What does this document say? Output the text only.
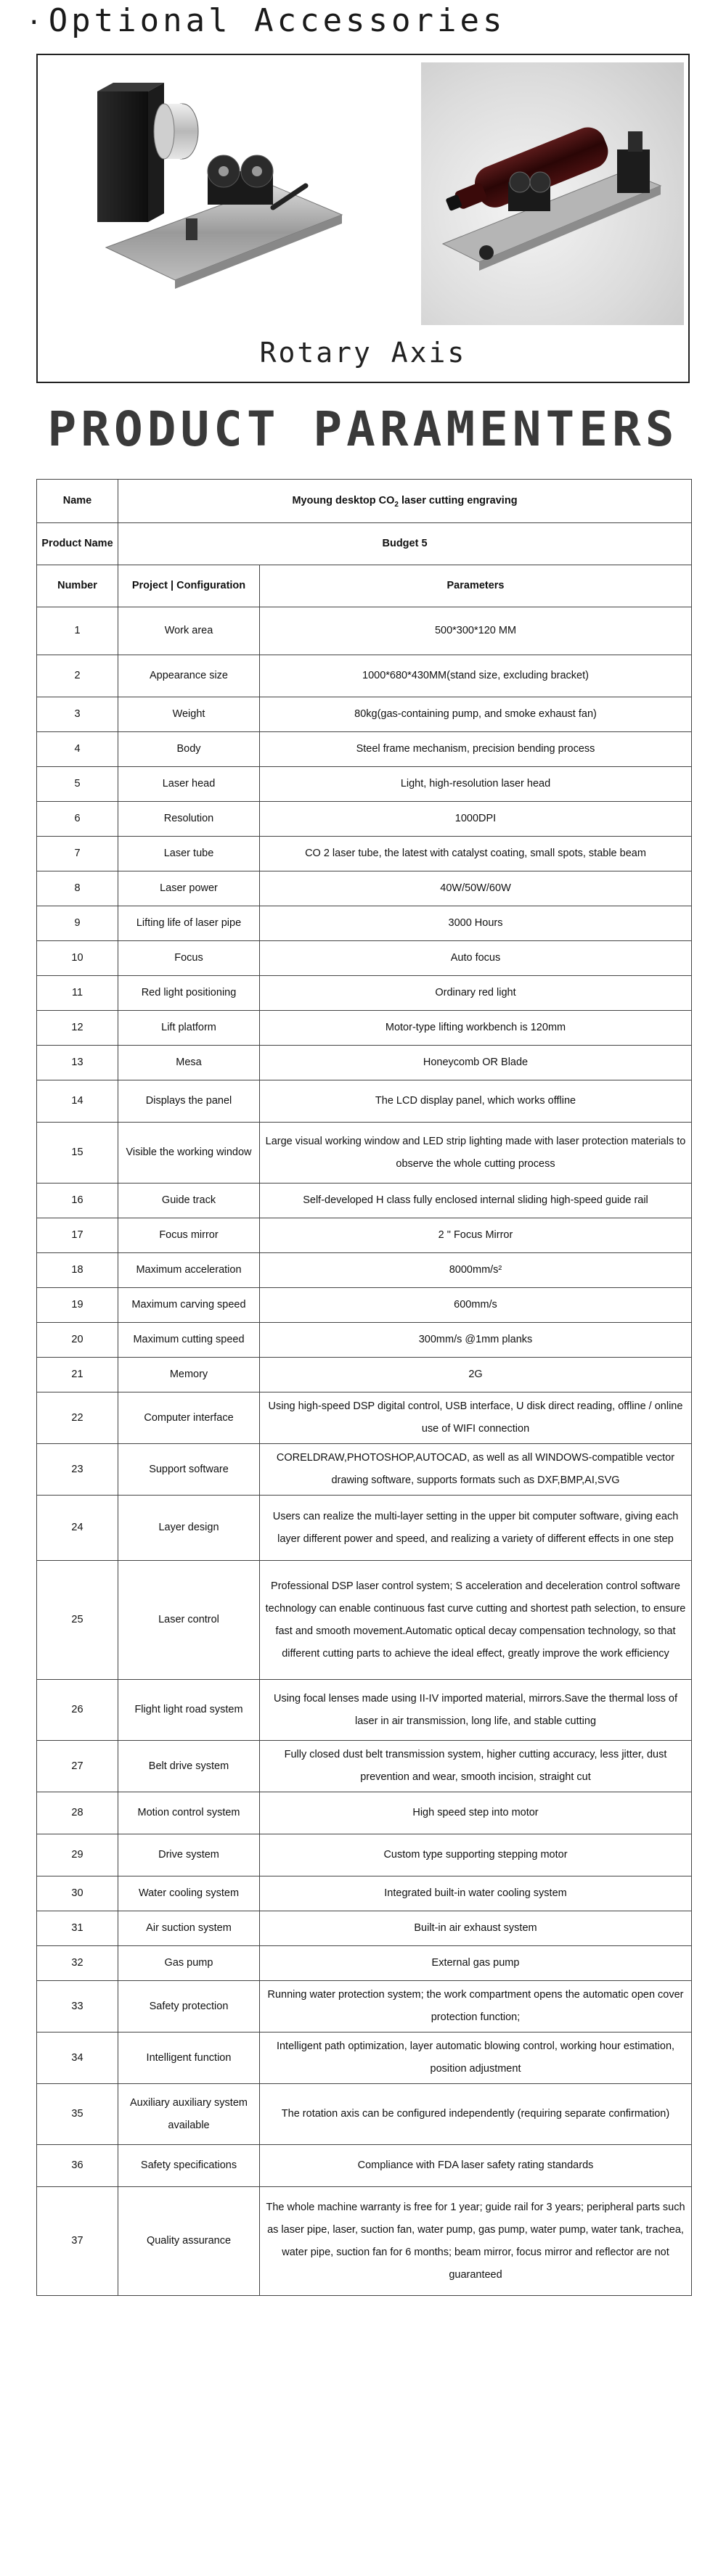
·Optional Accessories
Rotary Axis
PRODUCT PARAMENTERS
Name	Myoung desktop $CO_2$ laser cutting engraving	
Product Name	Budget 5	
Number	Project | Configuration	Parameters
1	Work area	500*300*120 MM
2	Appearance size	1000*680*430MM(stand size, excluding bracket)
3	Weight	80kg(gas-containing pump, and smoke exhaust fan)
4	Body	Steel frame mechanism, precision bending process
5	Laser head	Light, high-resolution laser head
6	Resolution	1000DPI
7	Laser tube	CO 2 laser tube, the latest with catalyst coating, small spots, stable beam
8	Laser power	40W/50W/60W
9	Lifting life of laser pipe	3000 Hours
10	Focus	Auto focus
11	Red light positioning	Ordinary red light
12	Lift platform	Motor-type lifting workbench is 120mm
13	Mesa	Honeycomb OR Blade
14	Displays the panel	The LCD display panel, which works offline
15	Visible the working window	Large visual working window and LED strip lighting made with laser protection materials to observe the whole cutting process
16	Guide track	Self-developed H class fully enclosed internal sliding high-speed guide rail
17	Focus mirror	2 " Focus Mirror
18	Maximum acceleration	8000mm/s²
19	Maximum carving speed	600mm/s
20	Maximum cutting speed	300mm/s @1mm planks
21	Memory	2G
22	Computer interface	Using high-speed DSP digital control, USB interface, U disk direct reading, offline / online use of WIFI connection
23	Support software	CORELDRAW,PHOTOSHOP,AUTOCAD, as well as all WINDOWS-compatible vector drawing software, supports formats such as DXF,BMP,AI,SVG
24	Layer design	Users can realize the multi-layer setting in the upper bit computer software, giving each layer different power and speed, and realizing a variety of different effects in one step
25	Laser control	Professional DSP laser control system; S acceleration and deceleration control software technology can enable continuous fast curve cutting and shortest path selection, to ensure fast and smooth movement.Automatic optical decay compensation technology, so that different cutting parts to achieve the ideal effect, greatly improve the work efficiency
26	Flight light road system	Using focal lenses made using II-IV imported material, mirrors.Save the thermal loss of laser in air transmission, long life, and stable cutting
27	Belt drive system	Fully closed dust belt transmission system, higher cutting accuracy, less jitter, dust prevention and wear, smooth incision, straight cut
28	Motion control system	High speed step into motor
29	Drive system	Custom type supporting stepping motor
30	Water cooling system	Integrated built-in water cooling system
31	Air suction system	Built-in air exhaust system
32	Gas pump	External gas pump
33	Safety protection	Running water protection system; the work compartment opens the automatic open cover protection function;
34	Intelligent function	Intelligent path optimization, layer automatic blowing control, working hour estimation, position adjustment
35	Auxiliary auxiliary system available	The rotation axis can be configured independently (requiring separate confirmation)
36	Safety specifications	Compliance with FDA laser safety rating standards
37	Quality assurance	The whole machine warranty is free for 1 year; guide rail for 3 years; peripheral parts such as laser pipe, laser, suction fan, water pump, gas pump, water pump, water tank, trachea, water pipe, suction fan for 6 months; beam mirror, focus mirror and reflector are not guaranteed
